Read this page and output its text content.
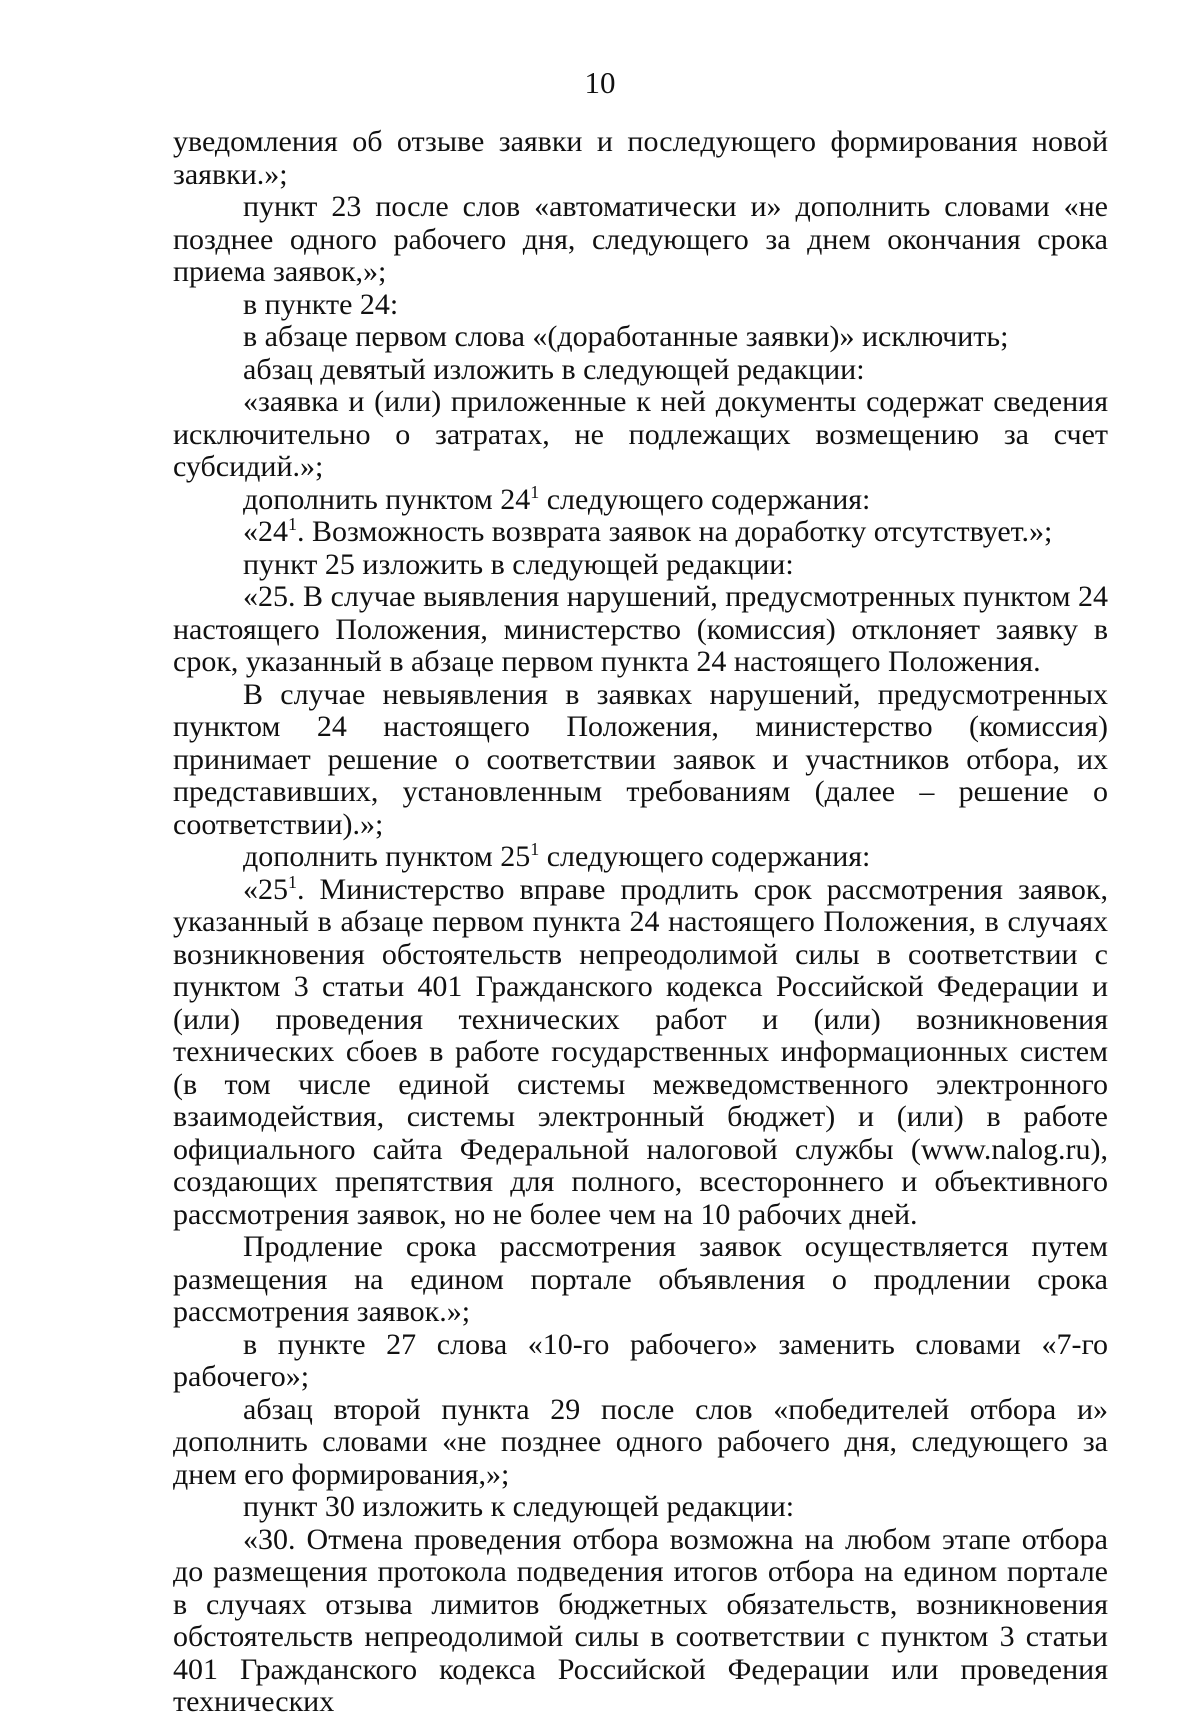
10

уведомления об отзыве заявки и последующего формирования новой заявки.»;

пункт 23 после слов «автоматически и» дополнить словами «не позднее одного рабочего дня, следующего за днем окончания срока приема заявок,»;

в пункте 24:

в абзаце первом слова «(доработанные заявки)» исключить;

абзац девятый изложить в следующей редакции:

«заявка и (или) приложенные к ней документы содержат сведения исключительно о затратах, не подлежащих возмещению за счет субсидий.»;

дополнить пунктом $24^1$ следующего содержания:

«$24^1$. Возможность возврата заявок на доработку отсутствует.»;

пункт 25 изложить в следующей редакции:

«25. В случае выявления нарушений, предусмотренных пунктом 24 настоящего Положения, министерство (комиссия) отклоняет заявку в срок, указанный в абзаце первом пункта 24 настоящего Положения.

В случае невыявления в заявках нарушений, предусмотренных пунктом 24 настоящего Положения, министерство (комиссия) принимает решение о соответствии заявок и участников отбора, их представивших, установленным требованиям (далее – решение о соответствии).»;

дополнить пунктом $25^1$ следующего содержания:

«$25^1$. Министерство вправе продлить срок рассмотрения заявок, указанный в абзаце первом пункта 24 настоящего Положения, в случаях возникновения обстоятельств непреодолимой силы в соответствии с пунктом 3 статьи 401 Гражданского кодекса Российской Федерации и (или) проведения технических работ и (или) возникновения технических сбоев в работе государственных информационных систем (в том числе единой системы межведомственного электронного взаимодействия, системы электронный бюджет) и (или) в работе официального сайта Федеральной налоговой службы (www.nalog.ru), создающих препятствия для полного, всестороннего и объективного рассмотрения заявок, но не более чем на 10 рабочих дней.

Продление срока рассмотрения заявок осуществляется путем размещения на едином портале объявления о продлении срока рассмотрения заявок.»;

в пункте 27 слова «10-го рабочего» заменить словами «7-го рабочего»;

абзац второй пункта 29 после слов «победителей отбора и» дополнить словами «не позднее одного рабочего дня, следующего за днем его формирования,»;

пункт 30 изложить к следующей редакции:

«30. Отмена проведения отбора возможна на любом этапе отбора до размещения протокола подведения итогов отбора на едином портале в случаях отзыва лимитов бюджетных обязательств, возникновения обстоятельств непреодолимой силы в соответствии с пунктом 3 статьи 401 Гражданского кодекса Российской Федерации или проведения технических
